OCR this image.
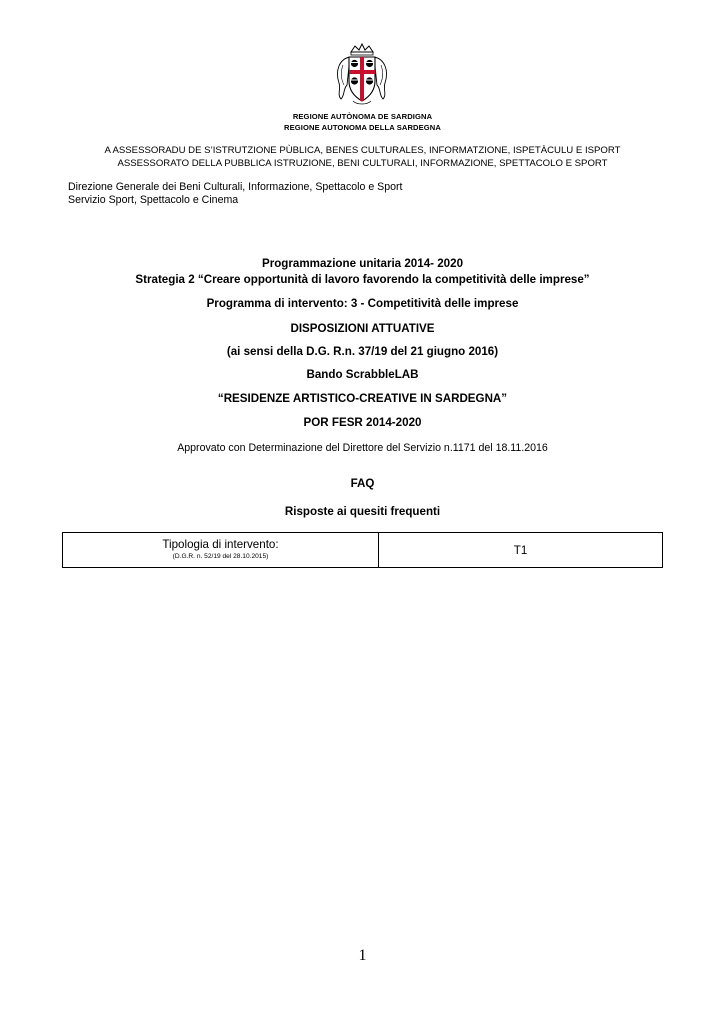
REGIONE AUTÒNOMA DE SARDIGNA
REGIONE AUTONOMA DELLA SARDEGNA
A ASSESSORADU DE S’ISTRUTZIONE PÙBLICA, BENES CULTURALES, INFORMATZIONE, ISPETÀCULU E ISPORT
ASSESSORATO DELLA PUBBLICA ISTRUZIONE, BENI CULTURALI, INFORMAZIONE, SPETTACOLO E SPORT
Direzione Generale dei Beni Culturali, Informazione, Spettacolo e Sport
Servizio Sport, Spettacolo e Cinema
Programmazione unitaria 2014- 2020
Strategia 2 “Creare opportunità di lavoro favorendo la competitività delle imprese”
Programma di intervento: 3 - Competitività delle imprese
DISPOSIZIONI ATTUATIVE
(ai sensi della D.G. R.n. 37/19 del 21 giugno 2016)
Bando ScrabbleLAB
“RESIDENZE ARTISTICO-CREATIVE IN SARDEGNA”
POR FESR 2014-2020
Approvato con Determinazione del Direttore del Servizio n.1171 del 18.11.2016
FAQ
Risposte ai quesiti frequenti
Tipologia di intervento:
(D.G.R. n. 52/19 del 28.10.2015)	T1
1
